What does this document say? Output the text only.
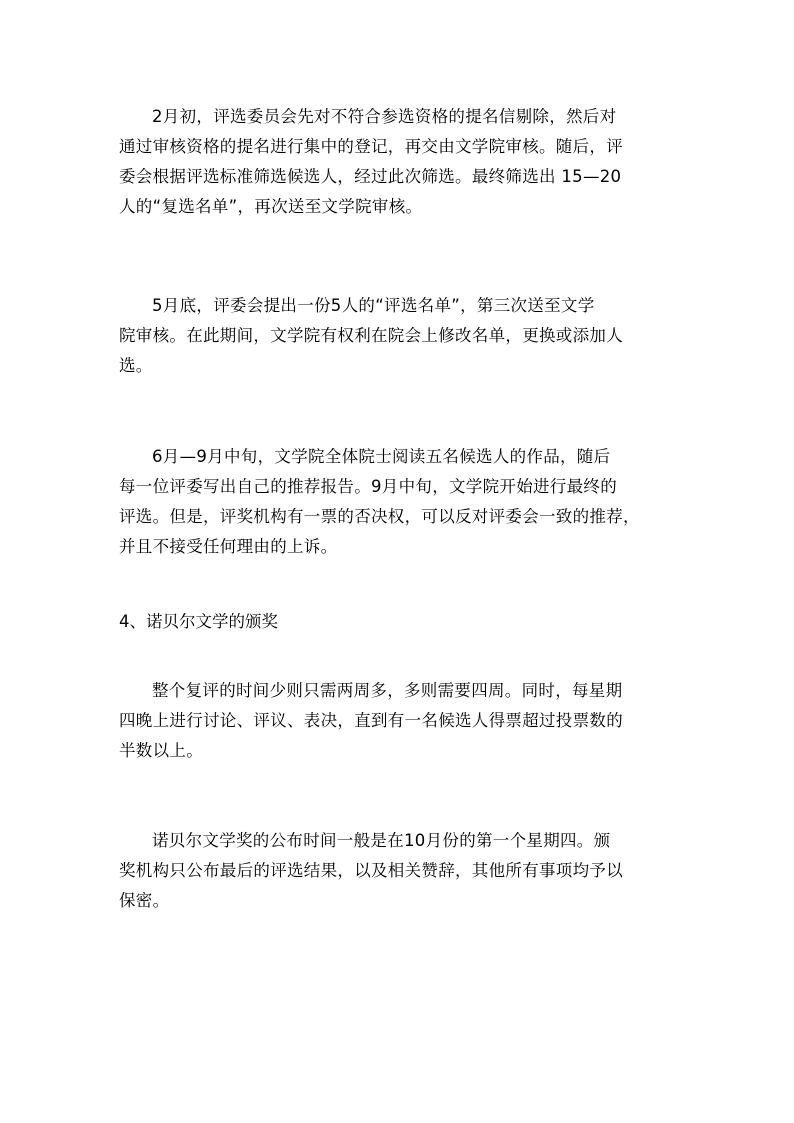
2月初，评选委员会先对不符合参选资格的提名信剔除，然后对
通过审核资格的提名进行集中的登记，再交由文学院审核。随后，评
委会根据评选标准筛选候选人，经过此次筛选。最终筛选出 15—20
人的“复选名单”，再次送至文学院审核。
5月底，评委会提出一份5人的“评选名单”，第三次送至文学
院审核。在此期间，文学院有权利在院会上修改名单，更换或添加人
选。
6月—9月中旬，文学院全体院士阅读五名候选人的作品，随后
每一位评委写出自己的推荐报告。9月中旬，文学院开始进行最终的
评选。但是，评奖机构有一票的否决权，可以反对评委会一致的推荐，
并且不接受任何理由的上诉。
4、诺贝尔文学的颁奖
整个复评的时间少则只需两周多，多则需要四周。同时，每星期
四晚上进行讨论、评议、表决，直到有一名候选人得票超过投票数的
半数以上。
诺贝尔文学奖的公布时间一般是在10月份的第一个星期四。颁
奖机构只公布最后的评选结果，以及相关赞辞，其他所有事项均予以
保密。
